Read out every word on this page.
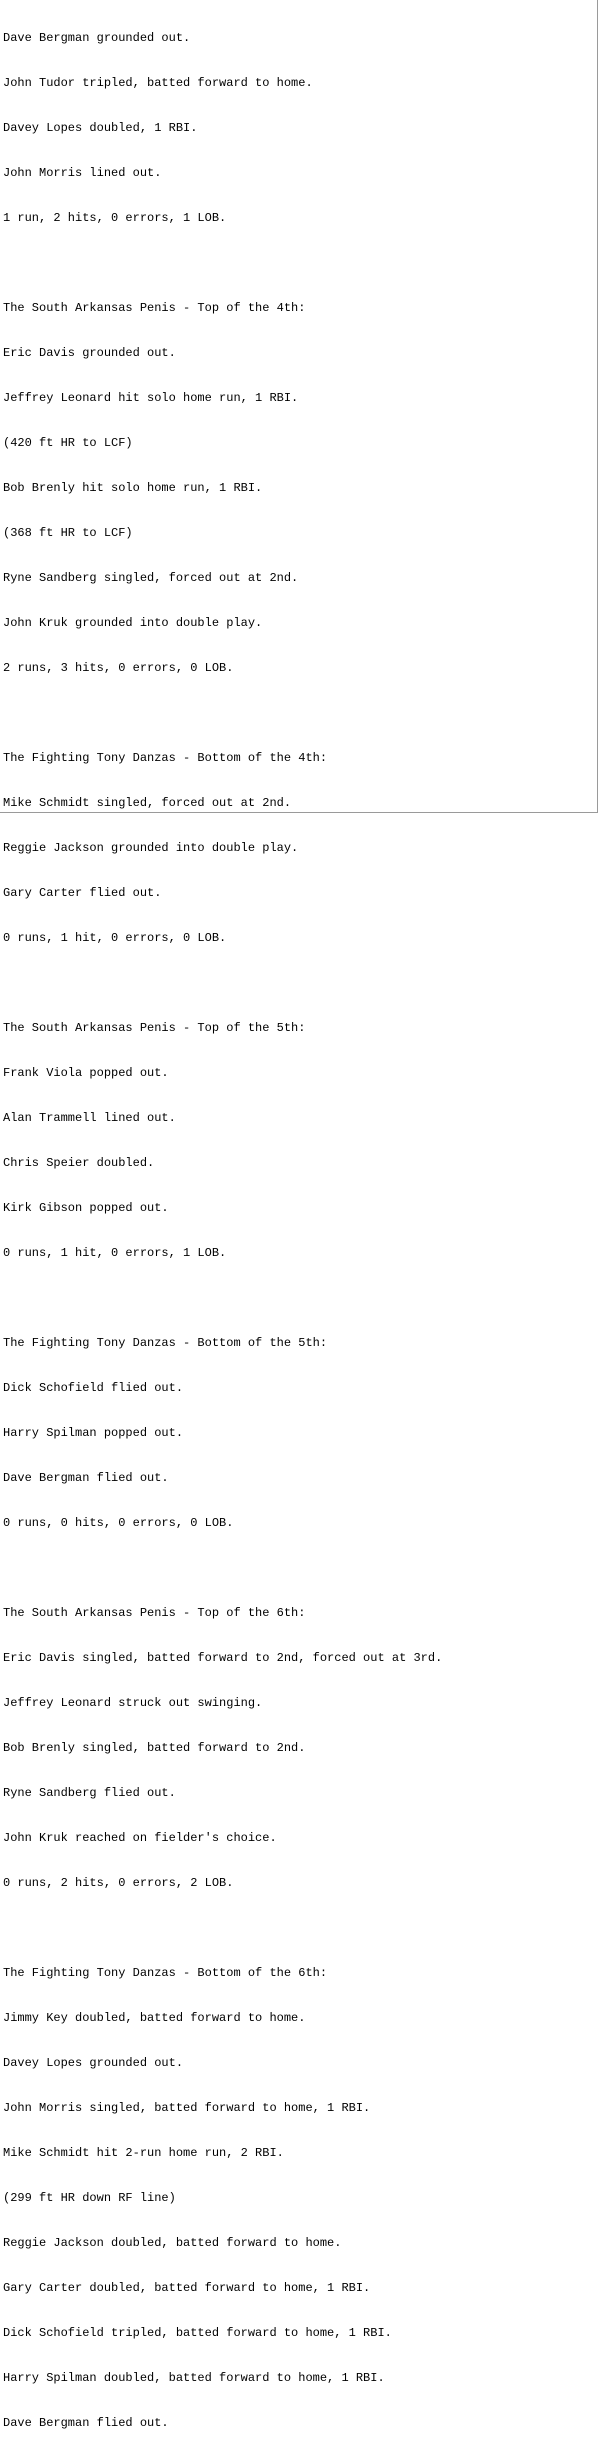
Dave Bergman grounded out.

John Tudor tripled, batted forward to home.

Davey Lopes doubled, 1 RBI.

John Morris lined out.

1 run, 2 hits, 0 errors, 1 LOB.

The South Arkansas Penis - Top of the 4th:

Eric Davis grounded out.

Jeffrey Leonard hit solo home run, 1 RBI.

(420 ft HR to LCF)

Bob Brenly hit solo home run, 1 RBI.

(368 ft HR to LCF)

Ryne Sandberg singled, forced out at 2nd.

John Kruk grounded into double play.

2 runs, 3 hits, 0 errors, 0 LOB.

The Fighting Tony Danzas - Bottom of the 4th:

Mike Schmidt singled, forced out at 2nd.

Reggie Jackson grounded into double play.

Gary Carter flied out.

0 runs, 1 hit, 0 errors, 0 LOB.

The South Arkansas Penis - Top of the 5th:

Frank Viola popped out.

Alan Trammell lined out.

Chris Speier doubled.

Kirk Gibson popped out.

0 runs, 1 hit, 0 errors, 1 LOB.

The Fighting Tony Danzas - Bottom of the 5th:

Dick Schofield flied out.

Harry Spilman popped out.

Dave Bergman flied out.

0 runs, 0 hits, 0 errors, 0 LOB.

The South Arkansas Penis - Top of the 6th:

Eric Davis singled, batted forward to 2nd, forced out at 3rd.

Jeffrey Leonard struck out swinging.

Bob Brenly singled, batted forward to 2nd.

Ryne Sandberg flied out.

John Kruk reached on fielder's choice.

0 runs, 2 hits, 0 errors, 2 LOB.

The Fighting Tony Danzas - Bottom of the 6th:

Jimmy Key doubled, batted forward to home.

Davey Lopes grounded out.

John Morris singled, batted forward to home, 1 RBI.

Mike Schmidt hit 2-run home run, 2 RBI.

(299 ft HR down RF line)

Reggie Jackson doubled, batted forward to home.

Gary Carter doubled, batted forward to home, 1 RBI.

Dick Schofield tripled, batted forward to home, 1 RBI.

Harry Spilman doubled, batted forward to home, 1 RBI.

Dave Bergman flied out.
